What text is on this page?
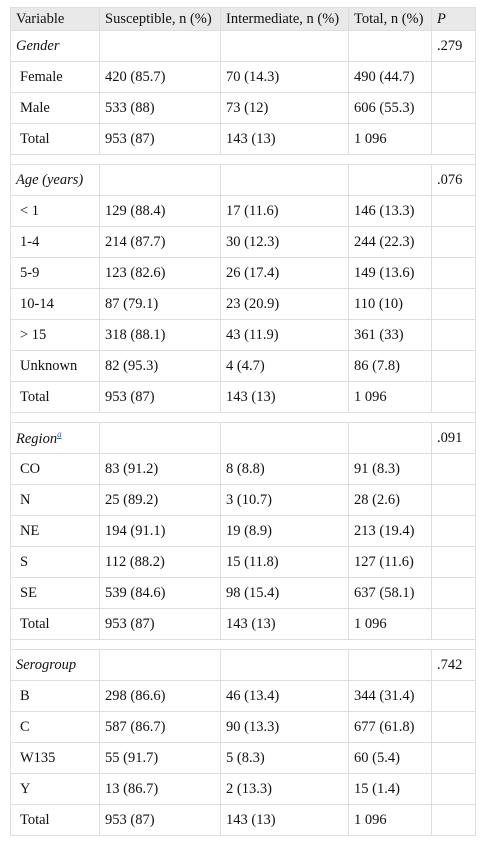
Variable	Susceptible, n (%)	Intermediate, n (%)	Total, n (%)	P
Gender				.279
Female	420 (85.7)	70 (14.3)	490 (44.7)	
Male	533 (88)	73 (12)	606 (55.3)	
Total	953 (87)	143 (13)	1 096	

Age (years)				.076
< 1	129 (88.4)	17 (11.6)	146 (13.3)	
1-4	214 (87.7)	30 (12.3)	244 (22.3)	
5-9	123 (82.6)	26 (17.4)	149 (13.6)	
10-14	87 (79.1)	23 (20.9)	110 (10)	
> 15	318 (88.1)	43 (11.9)	361 (33)	
Unknown	82 (95.3)	4 (4.7)	86 (7.8)	
Total	953 (87)	143 (13)	1 096	

Region$^a$				.091
CO	83 (91.2)	8 (8.8)	91 (8.3)	
N	25 (89.2)	3 (10.7)	28 (2.6)	
NE	194 (91.1)	19 (8.9)	213 (19.4)	
S	112 (88.2)	15 (11.8)	127 (11.6)	
SE	539 (84.6)	98 (15.4)	637 (58.1)	
Total	953 (87)	143 (13)	1 096	

Serogroup				.742
B	298 (86.6)	46 (13.4)	344 (31.4)	
C	587 (86.7)	90 (13.3)	677 (61.8)	
W135	55 (91.7)	5 (8.3)	60 (5.4)	
Y	13 (86.7)	2 (13.3)	15 (1.4)	
Total	953 (87)	143 (13)	1 096	
